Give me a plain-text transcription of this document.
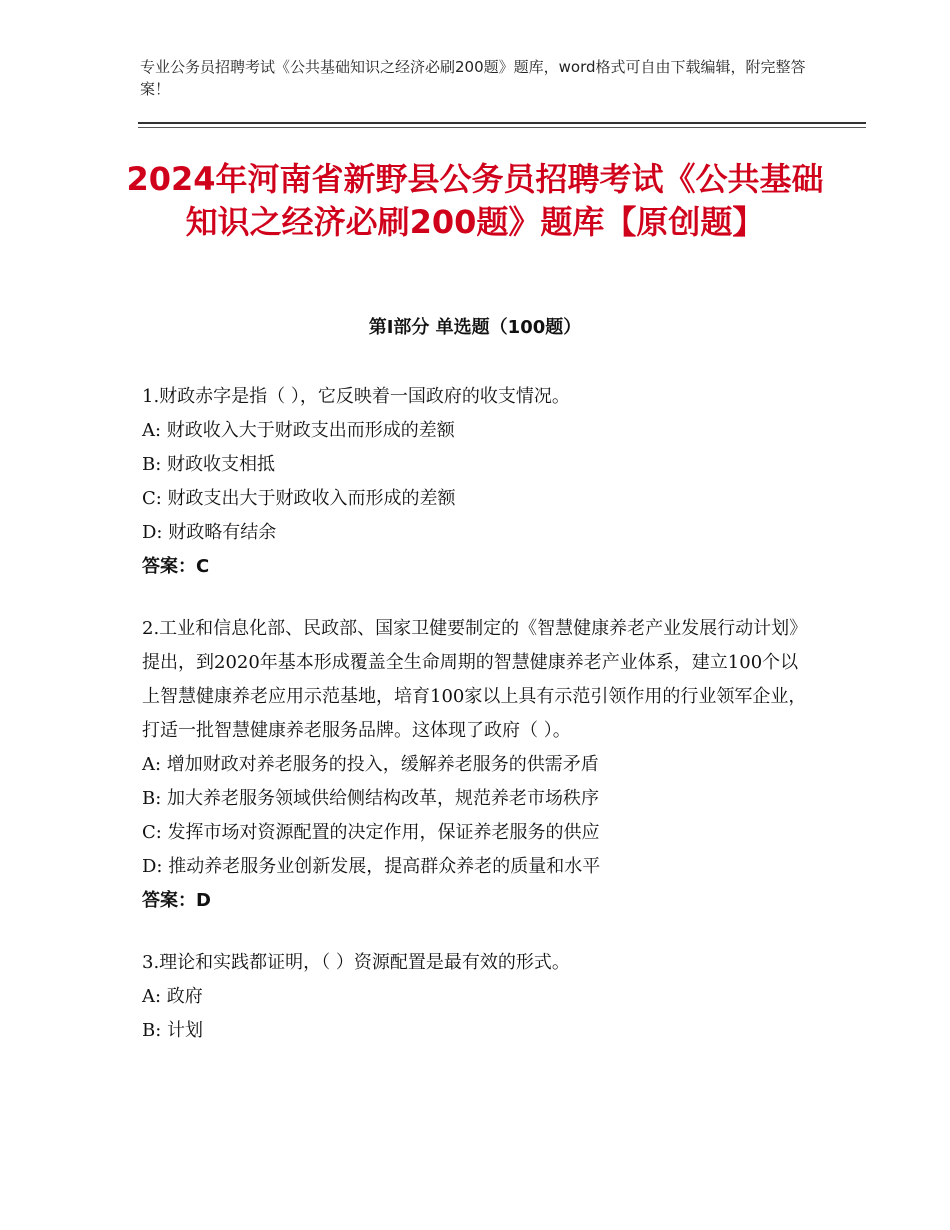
专业公务员招聘考试《公共基础知识之经济必刷200题》题库，word格式可自由下载编辑，附完整答案！
2024年河南省新野县公务员招聘考试《公共基础知识之经济必刷200题》题库【原创题】
第I部分 单选题（100题）

1.财政赤字是指（ ），它反映着一国政府的收支情况。

A: 财政收入大于财政支出而形成的差额

B: 财政收支相抵

C: 财政支出大于财政收入而形成的差额

D: 财政略有结余

答案：C

2.工业和信息化部、民政部、国家卫健要制定的《智慧健康养老产业发展行动计划》提出，到2020年基本形成覆盖全生命周期的智慧健康养老产业体系，建立100个以上智慧健康养老应用示范基地，培育100家以上具有示范引领作用的行业领军企业，打适一批智慧健康养老服务品牌。这体现了政府（ ）。

A: 增加财政对养老服务的投入，缓解养老服务的供需矛盾

B: 加大养老服务领域供给侧结构改革，规范养老市场秩序

C: 发挥市场对资源配置的决定作用，保证养老服务的供应

D: 推动养老服务业创新发展，提高群众养老的质量和水平

答案：D

3.理论和实践都证明，（ ）资源配置是最有效的形式。

A: 政府

B: 计划
